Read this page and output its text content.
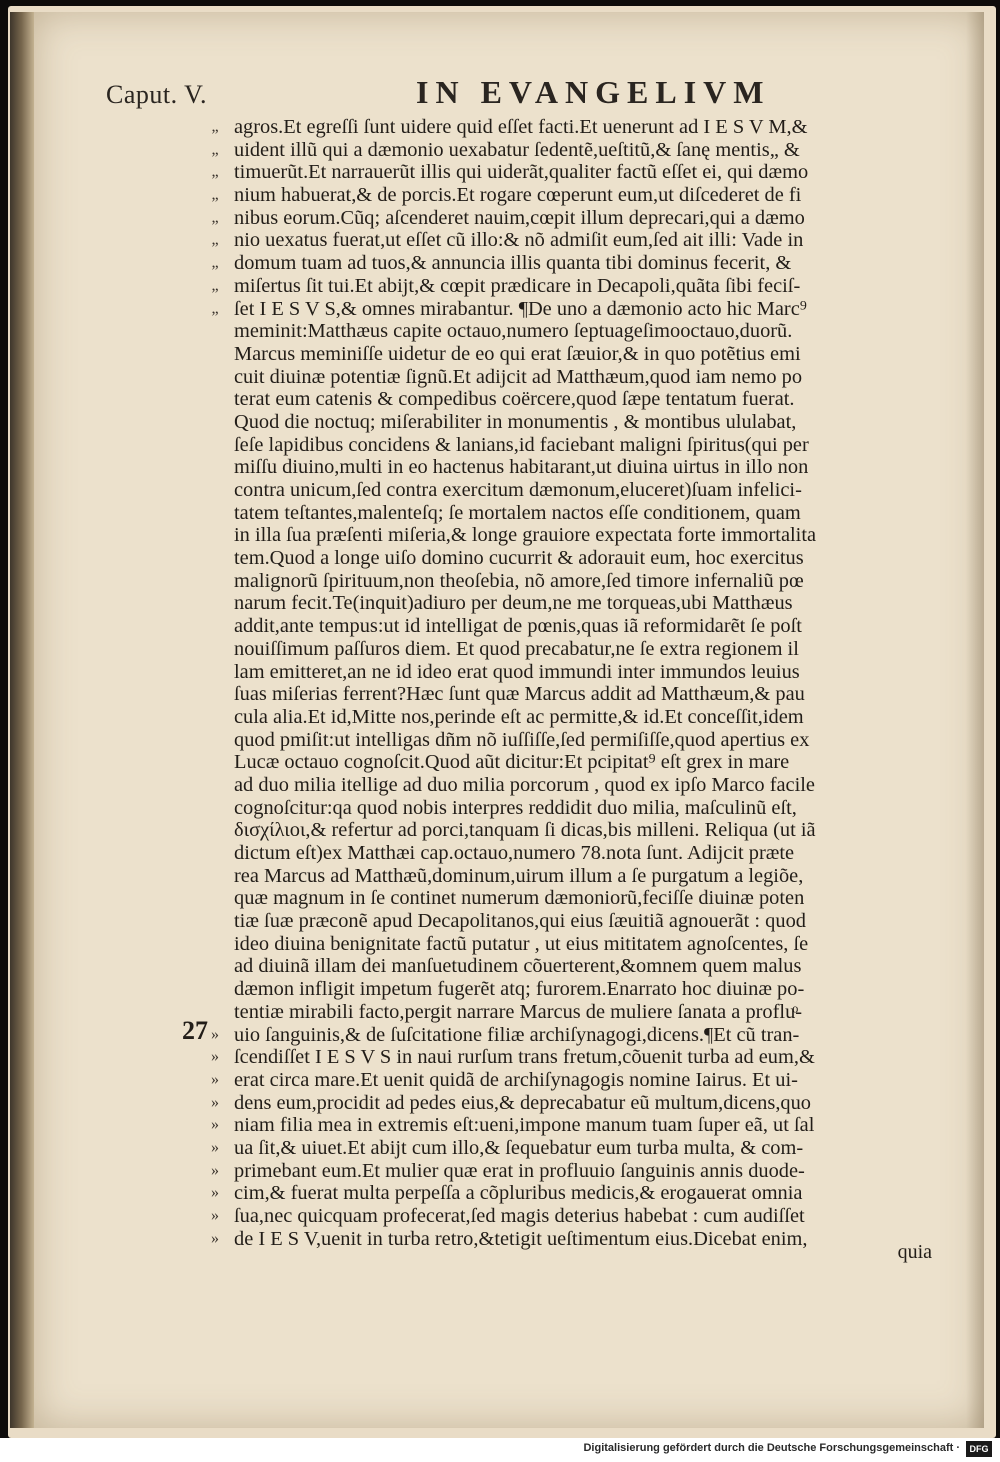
Caput. V.	IN EVANGELIVM
27
„ agros.Et egreſſi ſunt uidere quid eſſet facti.Et uenerunt ad I E S V M,&
„ uident illũ qui a dæmonio uexabatur ſedentẽ,ueſtitũ,& ſanę mentis„ &
„ timuerũt.Et narrauerũt illis qui uiderãt,qualiter factũ eſſet ei, qui dæmo
„ nium habuerat,& de porcis.Et rogare cœperunt eum,ut diſcederet de fi
„ nibus eorum.Cũq; aſcenderet nauim,cœpit illum deprecari,qui a dæmo
„ nio uexatus fuerat,ut eſſet cũ illo:& nõ admiſit eum,ſed ait illi: Vade in
„ domum tuam ad tuos,& annuncia illis quanta tibi dominus fecerit, &
„ miſertus ſit tui.Et abijt,& cœpit prædicare in Decapoli,quãta ſibi feciſ-
„ ſet I E S V S,& omnes mirabantur. ¶De uno a dæmonio acto hic Marc⁹
meminit:Matthæus capite octauo,numero ſeptuageſimooctauo,duorũ.
Marcus meminiſſe uidetur de eo qui erat ſæuior,& in quo potẽtius emi
cuit diuinæ potentiæ ſignũ.Et adijcit ad Matthæum,quod iam nemo po
terat eum catenis & compedibus coërcere,quod ſæpe tentatum fuerat.
Quod die noctuq; miſerabiliter in monumentis , & montibus ululabat,
ſeſe lapidibus concidens & lanians,id faciebant maligni ſpiritus(qui per
miſſu diuino,multi in eo hactenus habitarant,ut diuina uirtus in illo non
contra unicum,ſed contra exercitum dæmonum,eluceret)ſuam infelici-
tatem teſtantes,malenteſq; ſe mortalem nactos eſſe conditionem, quam
in illa ſua præſenti miſeria,& longe grauiore expectata forte immortalita
tem.Quod a longe uiſo domino cucurrit & adorauit eum, hoc exercitus
malignorũ ſpirituum,non theoſebia, nõ amore,ſed timore infernaliũ pœ
narum fecit.Te(inquit)adiuro per deum,ne me torqueas,ubi Matthæus
addit,ante tempus:ut id intelligat de pœnis,quas iã reformidarẽt ſe poſt
nouiſſimum paſſuros diem. Et quod precabatur,ne ſe extra regionem il
lam emitteret,an ne id ideo erat quod immundi inter immundos leuius
ſuas miſerias ferrent?Hæc ſunt quæ Marcus addit ad Matthæum,& pau
cula alia.Et id,Mitte nos,perinde eſt ac permitte,& id.Et conceſſit,idem
quod pmiſit:ut intelligas dñm nõ iuſſiſſe,ſed permiſiſſe,quod apertius ex
Lucæ octauo cognoſcit.Quod aũt dicitur:Et pcipitat⁹ eſt grex in mare
ad duo milia itellige ad duo milia porcorum , quod ex ipſo Marco facile
cognoſcitur:qa quod nobis interpres reddidit duo milia, maſculinũ eſt,
δισχίλιοι,& refertur ad porci,tanquam ſi dicas,bis milleni. Reliqua (ut iã
dictum eſt)ex Matthæi cap.octauo,numero 78.nota ſunt. Adijcit præte
rea Marcus ad Matthæũ,dominum,uirum illum a ſe purgatum a legiõe,
quæ magnum in ſe continet numerum dæmoniorũ,feciſſe diuinæ poten
tiæ ſuæ præconẽ apud Decapolitanos,qui eius ſæuitiã agnouerãt : quod
ideo diuina benignitate factũ putatur , ut eius mititatem agnoſcentes, ſe
ad diuinã illam dei manſuetudinem cõuerterent,&omnem quem malus
dæmon infligit impetum fugerẽt atq; furorem.Enarrato hoc diuinæ po-
tentiæ mirabili facto,pergit narrare Marcus de muliere ſanata a profluͦ-
» uio ſanguinis,& de ſuſcitatione filiæ archiſynagogi,dicens.¶Et cũ tran-
» ſcendiſſet I E S V S in naui rurſum trans fretum,cõuenit turba ad eum,&
» erat circa mare.Et uenit quidã de archiſynagogis nomine Iairus. Et ui-
» dens eum,procidit ad pedes eius,& deprecabatur eũ multum,dicens,quo
» niam filia mea in extremis eſt:ueni,impone manum tuam ſuper eã, ut ſal
» ua ſit,& uiuet.Et abijt cum illo,& ſequebatur eum turba multa, & com-
» primebant eum.Et mulier quæ erat in profluuio ſanguinis annis duode-
» cim,& fuerat multa perpeſſa a cõpluribus medicis,& erogauerat omnia
» ſua,nec quicquam profecerat,ſed magis deterius habebat : cum audiſſet
» de I E S V,uenit in turba retro,&tetigit ueſtimentum eius.Dicebat enim,
quia
Digitalisierung gefördert durch die Deutsche Forschungsgemeinschaft ·	DFG
